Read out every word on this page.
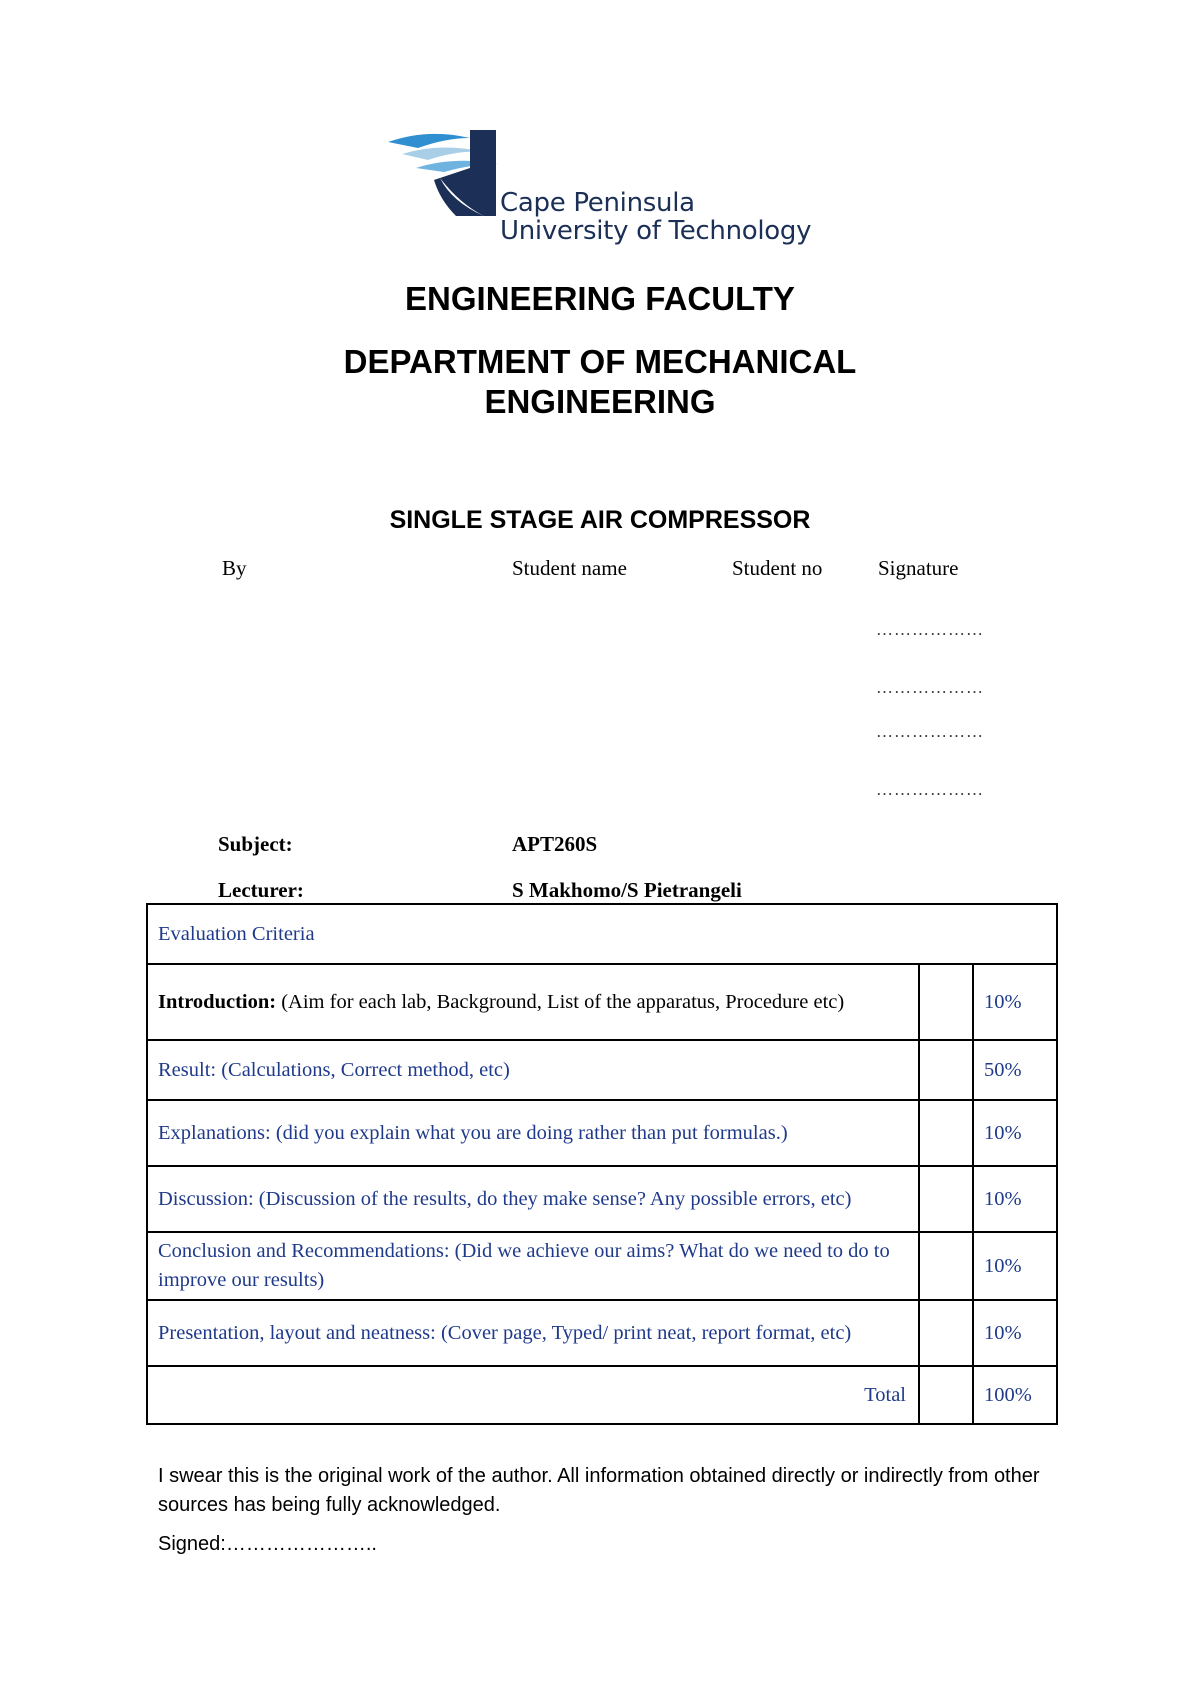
Cape Peninsula
University of Technology
ENGINEERING FACULTY
DEPARTMENT OF MECHANICAL
ENGINEERING
SINGLE STAGE AIR COMPRESSOR
By	Student name	Student no	Signature
………………
………………
………………
………………
Subject:	APT260S
Lecturer:	S Makhomo/S Pietrangeli
Evaluation Criteria		
Introduction: (Aim for each lab, Background, List of the apparatus, Procedure etc)		10%
Result: (Calculations, Correct method, etc)		50%
Explanations: (did you explain what you are doing rather than put formulas.)		10%
Discussion: (Discussion of the results, do they make sense? Any possible errors, etc)		10%
Conclusion and Recommendations: (Did we achieve our aims? What do we need to do to improve our results)		10%
Presentation, layout and neatness: (Cover page, Typed/ print neat, report format, etc)		10%
Total		100%
I swear this is the original work of the author. All information obtained directly or indirectly from other sources has being fully acknowledged.
Signed:…………………..
